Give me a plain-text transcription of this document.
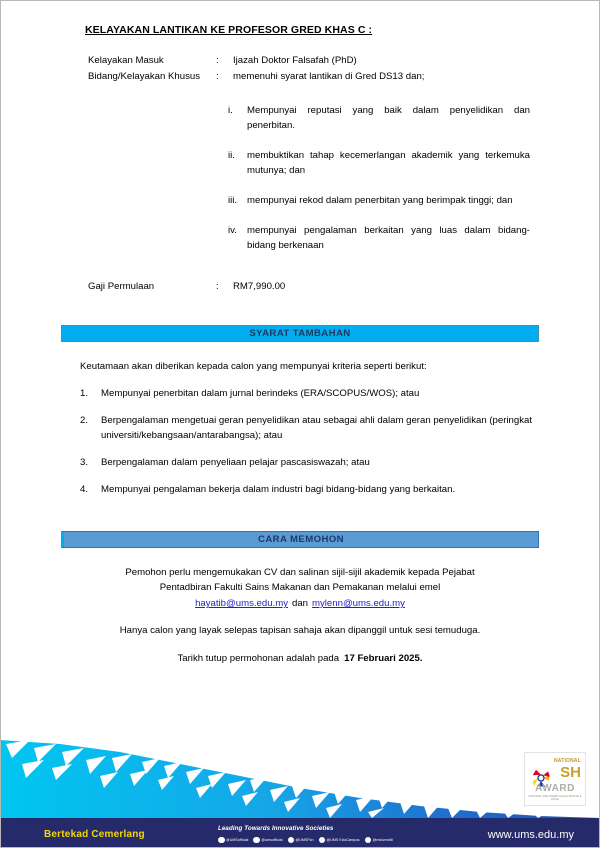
KELAYAKAN LANTIKAN KE PROFESOR GRED KHAS C :
Kelayakan Masuk	:	Ijazah Doktor Falsafah (PhD)
Bidang/Kelayakan Khusus	:	memenuhi syarat lantikan di Gred DS13 dan;
i.	Mempunyai reputasi yang baik dalam penyelidikan dan penerbitan.
ii.	membuktikan tahap kecemerlangan akademik yang terkemuka mutunya; dan
iii.	mempunyai rekod dalam penerbitan yang berimpak tinggi; dan
iv.	mempunyai pengalaman berkaitan yang luas dalam bidang-bidang berkenaan
Gaji Permulaan	:	RM7,990.00
SYARAT TAMBAHAN
Keutamaan akan diberikan kepada calon yang mempunyai kriteria seperti berikut:
1.	Mempunyai penerbitan dalam jurnal berindeks (ERA/SCOPUS/WOS); atau
2.	Berpengalaman mengetuai geran penyelidikan atau sebagai ahli dalam geran penyelidikan (peringkat universiti/kebangsaan/antarabangsa); atau
3.	Berpengalaman dalam penyeliaan pelajar pascasiswazah; atau
4.	Mempunyai pengalaman bekerja dalam industri bagi bidang-bidang yang berkaitan.
CARA MEMOHON
Pemohon perlu mengemukakan CV dan salinan sijil-sijil akademik kepada Pejabat
Pentadbiran Fakulti Sains Makanan dan Pemakanan melalui emel
hayatib@ums.edu.my dan mylenn@ums.edu.my
Hanya calon yang layak selepas tapisan sahaja akan dipanggil untuk sesi temuduga.
Tarikh tutup permohonan adalah pada 17 Februari 2025.
NATIONAL
SH
AWARD
NATIONAL OSH AWARD Anjuran MSOSH & DOSH
Bertekad Cemerlang
Leading Towards Innovative Societies
@UMSofficial	@umsofficial	@UMSFkn	@UMS EduCampus	@ms/umsfdi	www.ums.edu.my
